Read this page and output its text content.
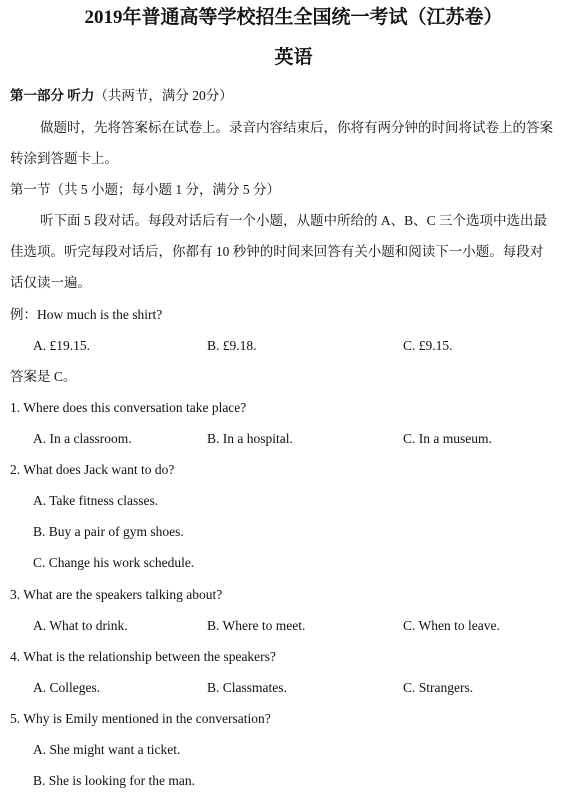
2019年普通高等学校招生全国统一考试（江苏卷）
英语
第一部分 听力（共两节，满分 20分）
做题时，先将答案标在试卷上。录音内容结束后，你将有两分钟的时间将试卷上的答案
转涂到答题卡上。
第一节（共 5 小题；每小题 1 分，满分 5 分）
听下面 5 段对话。每段对话后有一个小题，从题中所给的 A、B、C 三个选项中选出最
佳选项。听完每段对话后，你都有 10 秒钟的时间来回答有关小题和阅读下一小题。每段对
话仅读一遍。
例：How much is the shirt?
A. £19.15.	B. £9.18.	C. £9.15.
答案是 C。
1. Where does this conversation take place?
A. In a classroom.	B. In a hospital.	C. In a museum.
2. What does Jack want to do?
A. Take fitness classes.
B. Buy a pair of gym shoes.
C. Change his work schedule.
3. What are the speakers talking about?
A. What to drink.	B. Where to meet.	C. When to leave.
4. What is the relationship between the speakers?
A. Colleges.	B. Classmates.	C. Strangers.
5. Why is Emily mentioned in the conversation?
A. She might want a ticket.
B. She is looking for the man.
